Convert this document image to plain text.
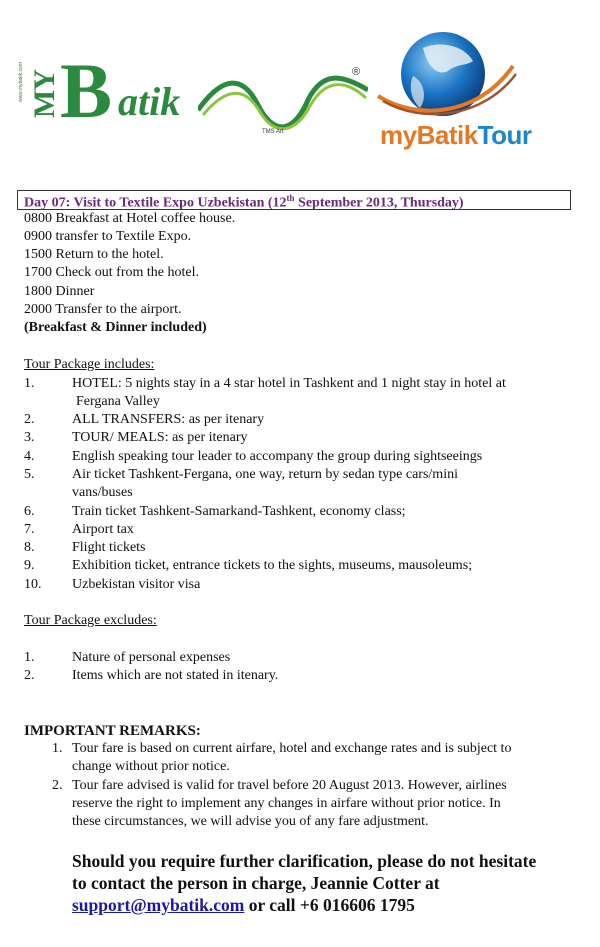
www.mybatik.com MY B atik
®
TMS Art	myBatikTour
Day 07: Visit to Textile Expo Uzbekistan (12th September 2013, Thursday)
0800 Breakfast at Hotel coffee house.
0900 transfer to Textile Expo.
1500 Return to the hotel.
1700 Check out from the hotel.
1800 Dinner
2000 Transfer to the airport.
(Breakfast & Dinner included)
Tour Package includes:
1.	HOTEL: 5 nights stay in a 4 star hotel in Tashkent and 1 night stay in hotel at
Fergana Valley
2.	ALL TRANSFERS: as per itenary
3.	TOUR/ MEALS: as per itenary
4.	English speaking tour leader to accompany the group during sightseeings
5.	Air ticket Tashkent-Fergana, one way, return by sedan type cars/mini
vans/buses
6.	Train ticket Tashkent-Samarkand-Tashkent, economy class;
7.	Airport tax
8.	Flight tickets
9.	Exhibition ticket, entrance tickets to the sights, museums, mausoleums;
10. Uzbekistan visitor visa
Tour Package excludes:
1.	Nature of personal expenses
2.	Items which are not stated in itenary.
IMPORTANT REMARKS:
1. Tour fare is based on current airfare, hotel and exchange rates and is subject to
change without prior notice.
2. Tour fare advised is valid for travel before 20 August 2013. However, airlines
reserve the right to implement any changes in airfare without prior notice. In
these circumstances, we will advise you of any fare adjustment.
Should you require further clarification, please do not hesitate
to contact the person in charge, Jeannie Cotter at
support@mybatik.com or call +6 016606 1795
